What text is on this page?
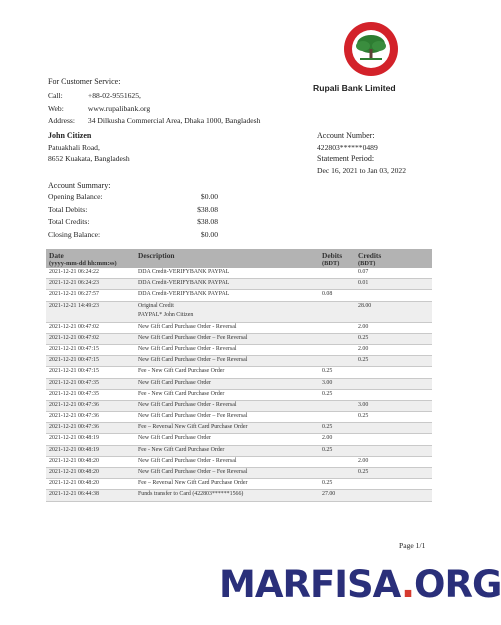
Rupali Bank Limited
For Customer Service:
Call:	+88-02-9551625,
Web:	www.rupalibank.org
Address: 34 Dilkusha Commercial Area, Dhaka 1000, Bangladesh
John Citizen
Patuakhali Road,
8652 Kuakata, Bangladesh
Account Number:
422803******0489
Statement Period:
Dec 16, 2021 to Jan 03, 2022
Account Summary:
Opening Balance:	$0.00
Total Debits:	$38.08
Total Credits:	$38.08
Closing Balance:	$0.00
Date
(yyyy-mm-dd hh:mm:ss)	Description	Debits
(BDT)	Credits
(BDT)

2021-12-21 06:24:22	DDA Credit-VERIFYBANK PAYPAL		0.07
2021-12-21 06:24:23	DDA Credit-VERIFYBANK PAYPAL		0.01
2021-12-21 06:27:57	DDA Credit-VERIFYBANK PAYPAL	0.08	
2021-12-21 14:49:23	Original Credit
PAYPAL* John Citizen		28.00
2021-12-21 00:47:02	New Gift Card Purchase Order - Reversal		2.00
2021-12-21 00:47:02	New Gift Card Purchase Order – Fee Reversal		0.25
2021-12-21 00:47:15	New Gift Card Purchase Order - Reversal		2.00
2021-12-21 00:47:15	New Gift Card Purchase Order – Fee Reversal		0.25
2021-12-21 00:47:15	Fee - New Gift Card Purchase Order	0.25	
2021-12-21 00:47:35	New Gift Card Purchase Order	3.00	
2021-12-21 00:47:35	Fee - New Gift Card Purchase Order	0.25	
2021-12-21 00:47:36	New Gift Card Purchase Order - Reversal		3.00
2021-12-21 00:47:36	New Gift Card Purchase Order – Fee Reversal		0.25
2021-12-21 00:47:36	Fee – Reversal New Gift Card Purchase Order	0.25	
2021-12-21 00:48:19	New Gift Card Purchase Order	2.00	
2021-12-21 00:48:19	Fee - New Gift Card Purchase Order	0.25	
2021-12-21 00:48:20	New Gift Card Purchase Order - Reversal		2.00
2021-12-21 00:48:20	New Gift Card Purchase Order – Fee Reversal		0.25
2021-12-21 00:48:20	Fee – Reversal New Gift Card Purchase Order	0.25	
2021-12-21 06:44:38	Funds transfer to Card (422803******1566)	27.00	
Page 1/1
MARFISA.ORG
